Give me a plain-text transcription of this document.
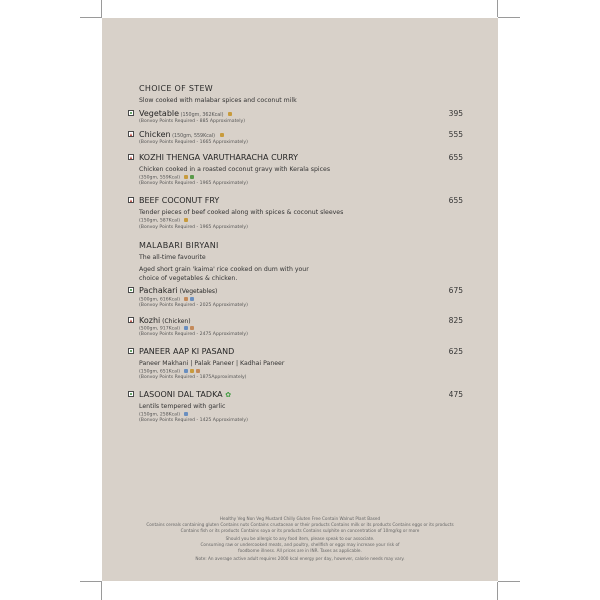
CHOICE OF STEW
Slow cooked with malabar spices and coconut milk
Vegetable (150gm, 362Kcal)	395
(Bonvoy Points Required - 885 Approximately)
Chicken (150gm, 559Kcal)	555
(Bonvoy Points Required - 1665 Approximately)
KOZHI THENGA VARUTHARACHA CURRY	655
Chicken cooked in a roasted coconut gravy with Kerala spices
(350gm, 559Kcal)
(Bonvoy Points Required - 1965 Approximately)
BEEF COCONUT FRY	655
Tender pieces of beef cooked along with spices & coconut sleeves
(150gm, 587Kcal)
(Bonvoy Points Required - 1965 Approximately)
MALABARI BIRYANI
The all-time favourite
Aged short grain 'kaima' rice cooked on dum with your
choice of vegetables & chicken.
Pachakari (Vegetables)	675
(500gm, 616Kcal)
(Bonvoy Points Required - 2025 Approximately)
Kozhi (Chicken)	825
(500gm, 917Kcal)
(Bonvoy Points Required - 2475 Approximately)
PANEER AAP KI PASAND	625
Paneer Makhani | Palak Paneer | Kadhai Paneer
(150gm, 651Kcal)
(Bonvoy Points Required - 1875Approximately)
LASOONI DAL TADKA ✿	475
Lentils tempered with garlic
(150gm, 258Kcal)
(Bonvoy Points Required - 1425 Approximately)
Healthy Veg Non Veg Mustard Chilly Gluten Free Contain Walnut Plant Based
Contains cereals containing gluten Contains nuts Contains crustacean or their products Contains milk or its products Contains eggs or its products
Contains fish or its products Contains soya or its products Contains sulphite on concentration of 10mg/kg or more
Should you be allergic to any food item, please speak to our associate.
Consuming raw or undercooked meats, and poultry, shellfish or eggs may increase your risk of
foodborne illness. All prices are in INR. Taxes as applicable.
Note: An average active adult requires 2000 kcal energy per day, however, calorie needs may vary.
